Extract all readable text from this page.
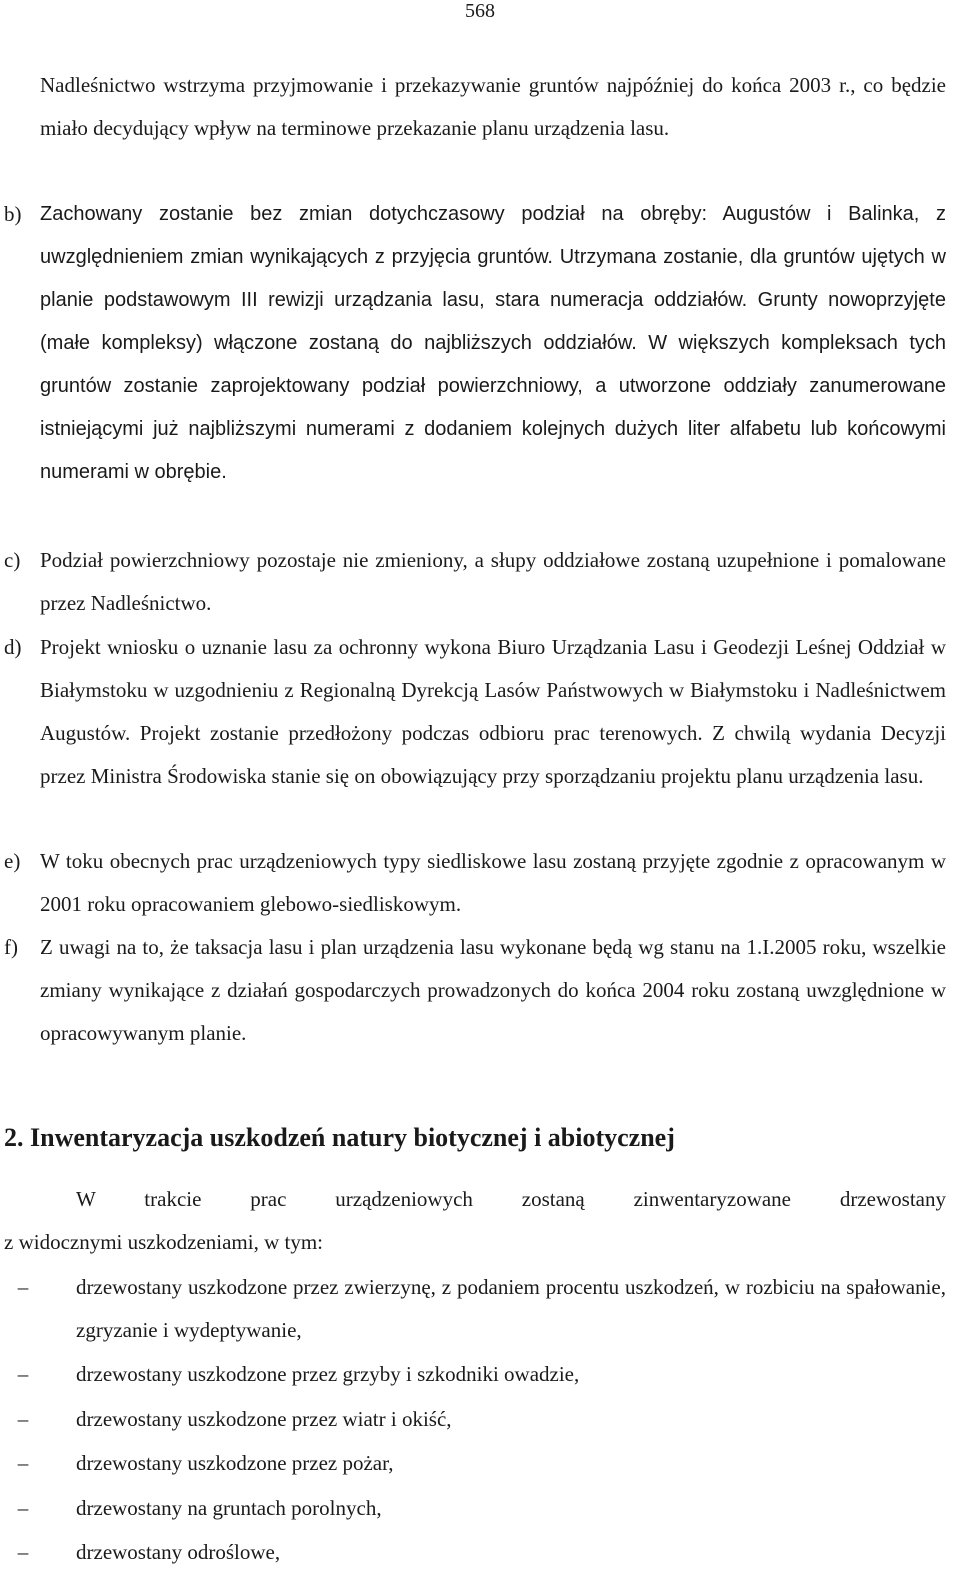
568

Nadleśnictwo wstrzyma przyjmowanie i przekazywanie gruntów najpóźniej do końca 2003 r., co będzie miało decydujący wpływ na terminowe przekazanie planu urządzenia lasu.

b) Zachowany zostanie bez zmian dotychczasowy podział na obręby: Augustów i Balinka, z uwzględnieniem zmian wynikających z przyjęcia gruntów. Utrzymana zostanie, dla gruntów ujętych w planie podstawowym III rewizji urządzania lasu, stara numeracja oddziałów. Grunty nowoprzyjęte (małe kompleksy) włączone zostaną do najbliższych oddziałów. W większych kompleksach tych gruntów zostanie zaprojektowany podział powierzchniowy, a utworzone oddziały zanumerowane istniejącymi już najbliższymi numerami z dodaniem kolejnych dużych liter alfabetu lub końcowymi numerami w obrębie.
c) Podział powierzchniowy pozostaje nie zmieniony, a słupy oddziałowe zostaną uzupełnione i pomalowane przez Nadleśnictwo.
d) Projekt wniosku o uznanie lasu za ochronny wykona Biuro Urządzania Lasu i Geodezji Leśnej Oddział w Białymstoku w uzgodnieniu z Regionalną Dyrekcją Lasów Państwowych w Białymstoku i Nadleśnictwem Augustów. Projekt zostanie przedłożony podczas odbioru prac terenowych. Z chwilą wydania Decyzji przez Ministra Środowiska stanie się on obowiązujący przy sporządzaniu projektu planu urządzenia lasu.
e) W toku obecnych prac urządzeniowych typy siedliskowe lasu zostaną przyjęte zgodnie z opracowanym w 2001 roku opracowaniem glebowo-siedliskowym.
f) Z uwagi na to, że taksacja lasu i plan urządzenia lasu wykonane będą wg stanu na 1.I.2005 roku, wszelkie zmiany wynikające z działań gospodarczych prowadzonych do końca 2004 roku zostaną uwzględnione w opracowywanym planie.
2. Inwentaryzacja uszkodzeń natury biotycznej i abiotycznej

W trakcie prac urządzeniowych zostaną zinwentaryzowane drzewostany
z widocznymi uszkodzeniami, w tym:

– drzewostany uszkodzone przez zwierzynę, z podaniem procentu uszkodzeń, w rozbiciu na spałowanie, zgryzanie i wydeptywanie,
– drzewostany uszkodzone przez grzyby i szkodniki owadzie,
– drzewostany uszkodzone przez wiatr i okiść,
– drzewostany uszkodzone przez pożar,
– drzewostany na gruntach porolnych,
– drzewostany odroślowe,
